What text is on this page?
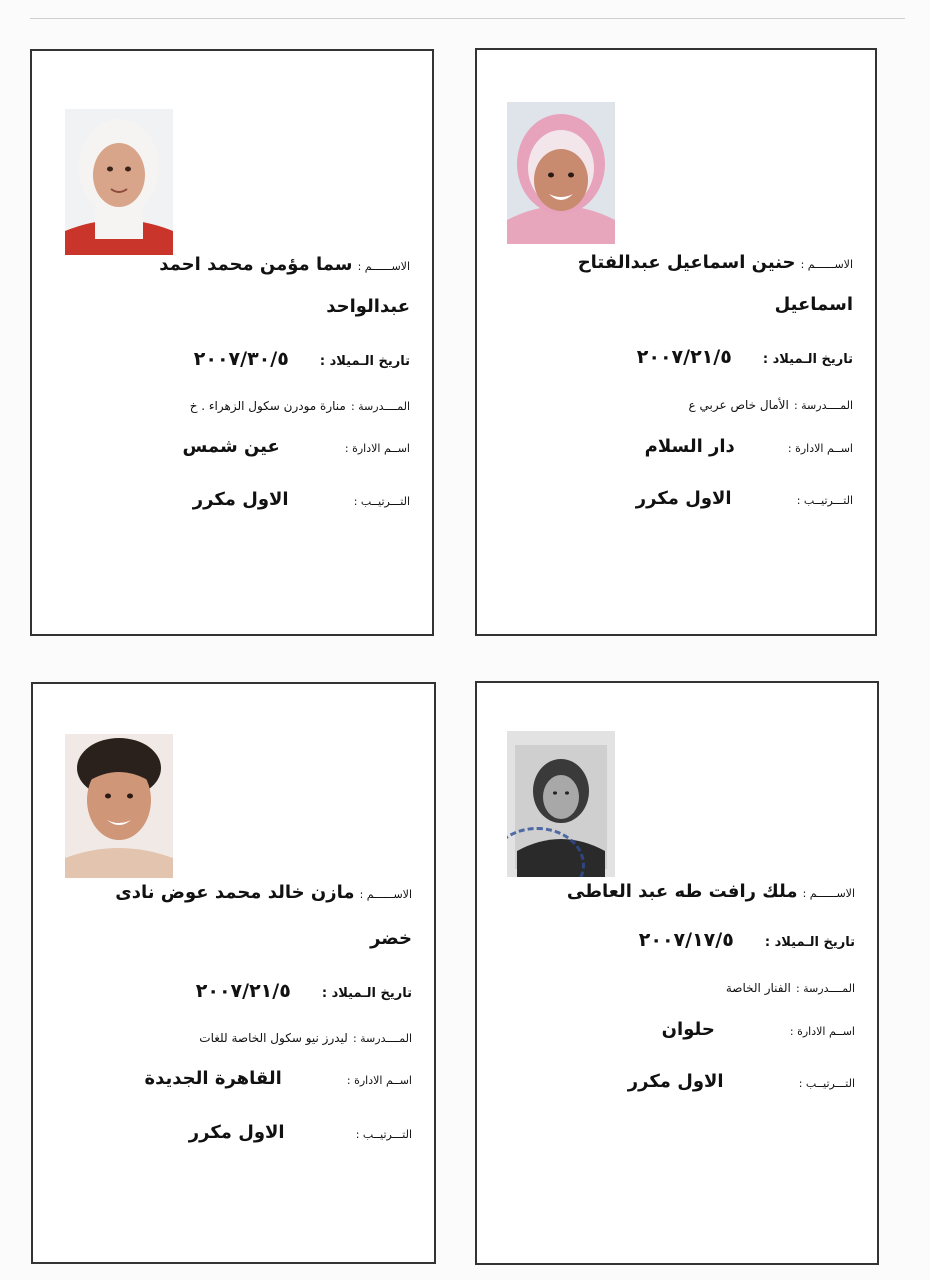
الاســــــم : حنين اسماعيل عبدالفتاح
اسماعيل
تاريخ الـميلاد : ٢٠٠٧/٢١/٥
المــــدرسة : الأمال خاص عربي ع
اســم الادارة : دار السلام
التـــرتيــب : الاول مكرر
الاســــــم : سما مؤمن محمد احمد
عبدالواحد
تاريخ الـميلاد : ٢٠٠٧/٣٠/٥
المــــدرسة : منارة مودرن سكول الزهراء . خ
اســم الادارة : عين شمس
التـــرتيــب : الاول مكرر
الاســــــم : ملك رافت طه عبد العاطى
تاريخ الـميلاد : ٢٠٠٧/١٧/٥
المــــدرسة : الفنار الخاصة
اســم الادارة : حلوان
التـــرتيــب : الاول مكرر
الاســــــم : مازن خالد محمد عوض نادى
خضر
تاريخ الـميلاد : ٢٠٠٧/٢١/٥
المــــدرسة : ليدرز نيو سكول الخاصة للغات
اســم الادارة : القاهرة الجديدة
التـــرتيــب : الاول مكرر
